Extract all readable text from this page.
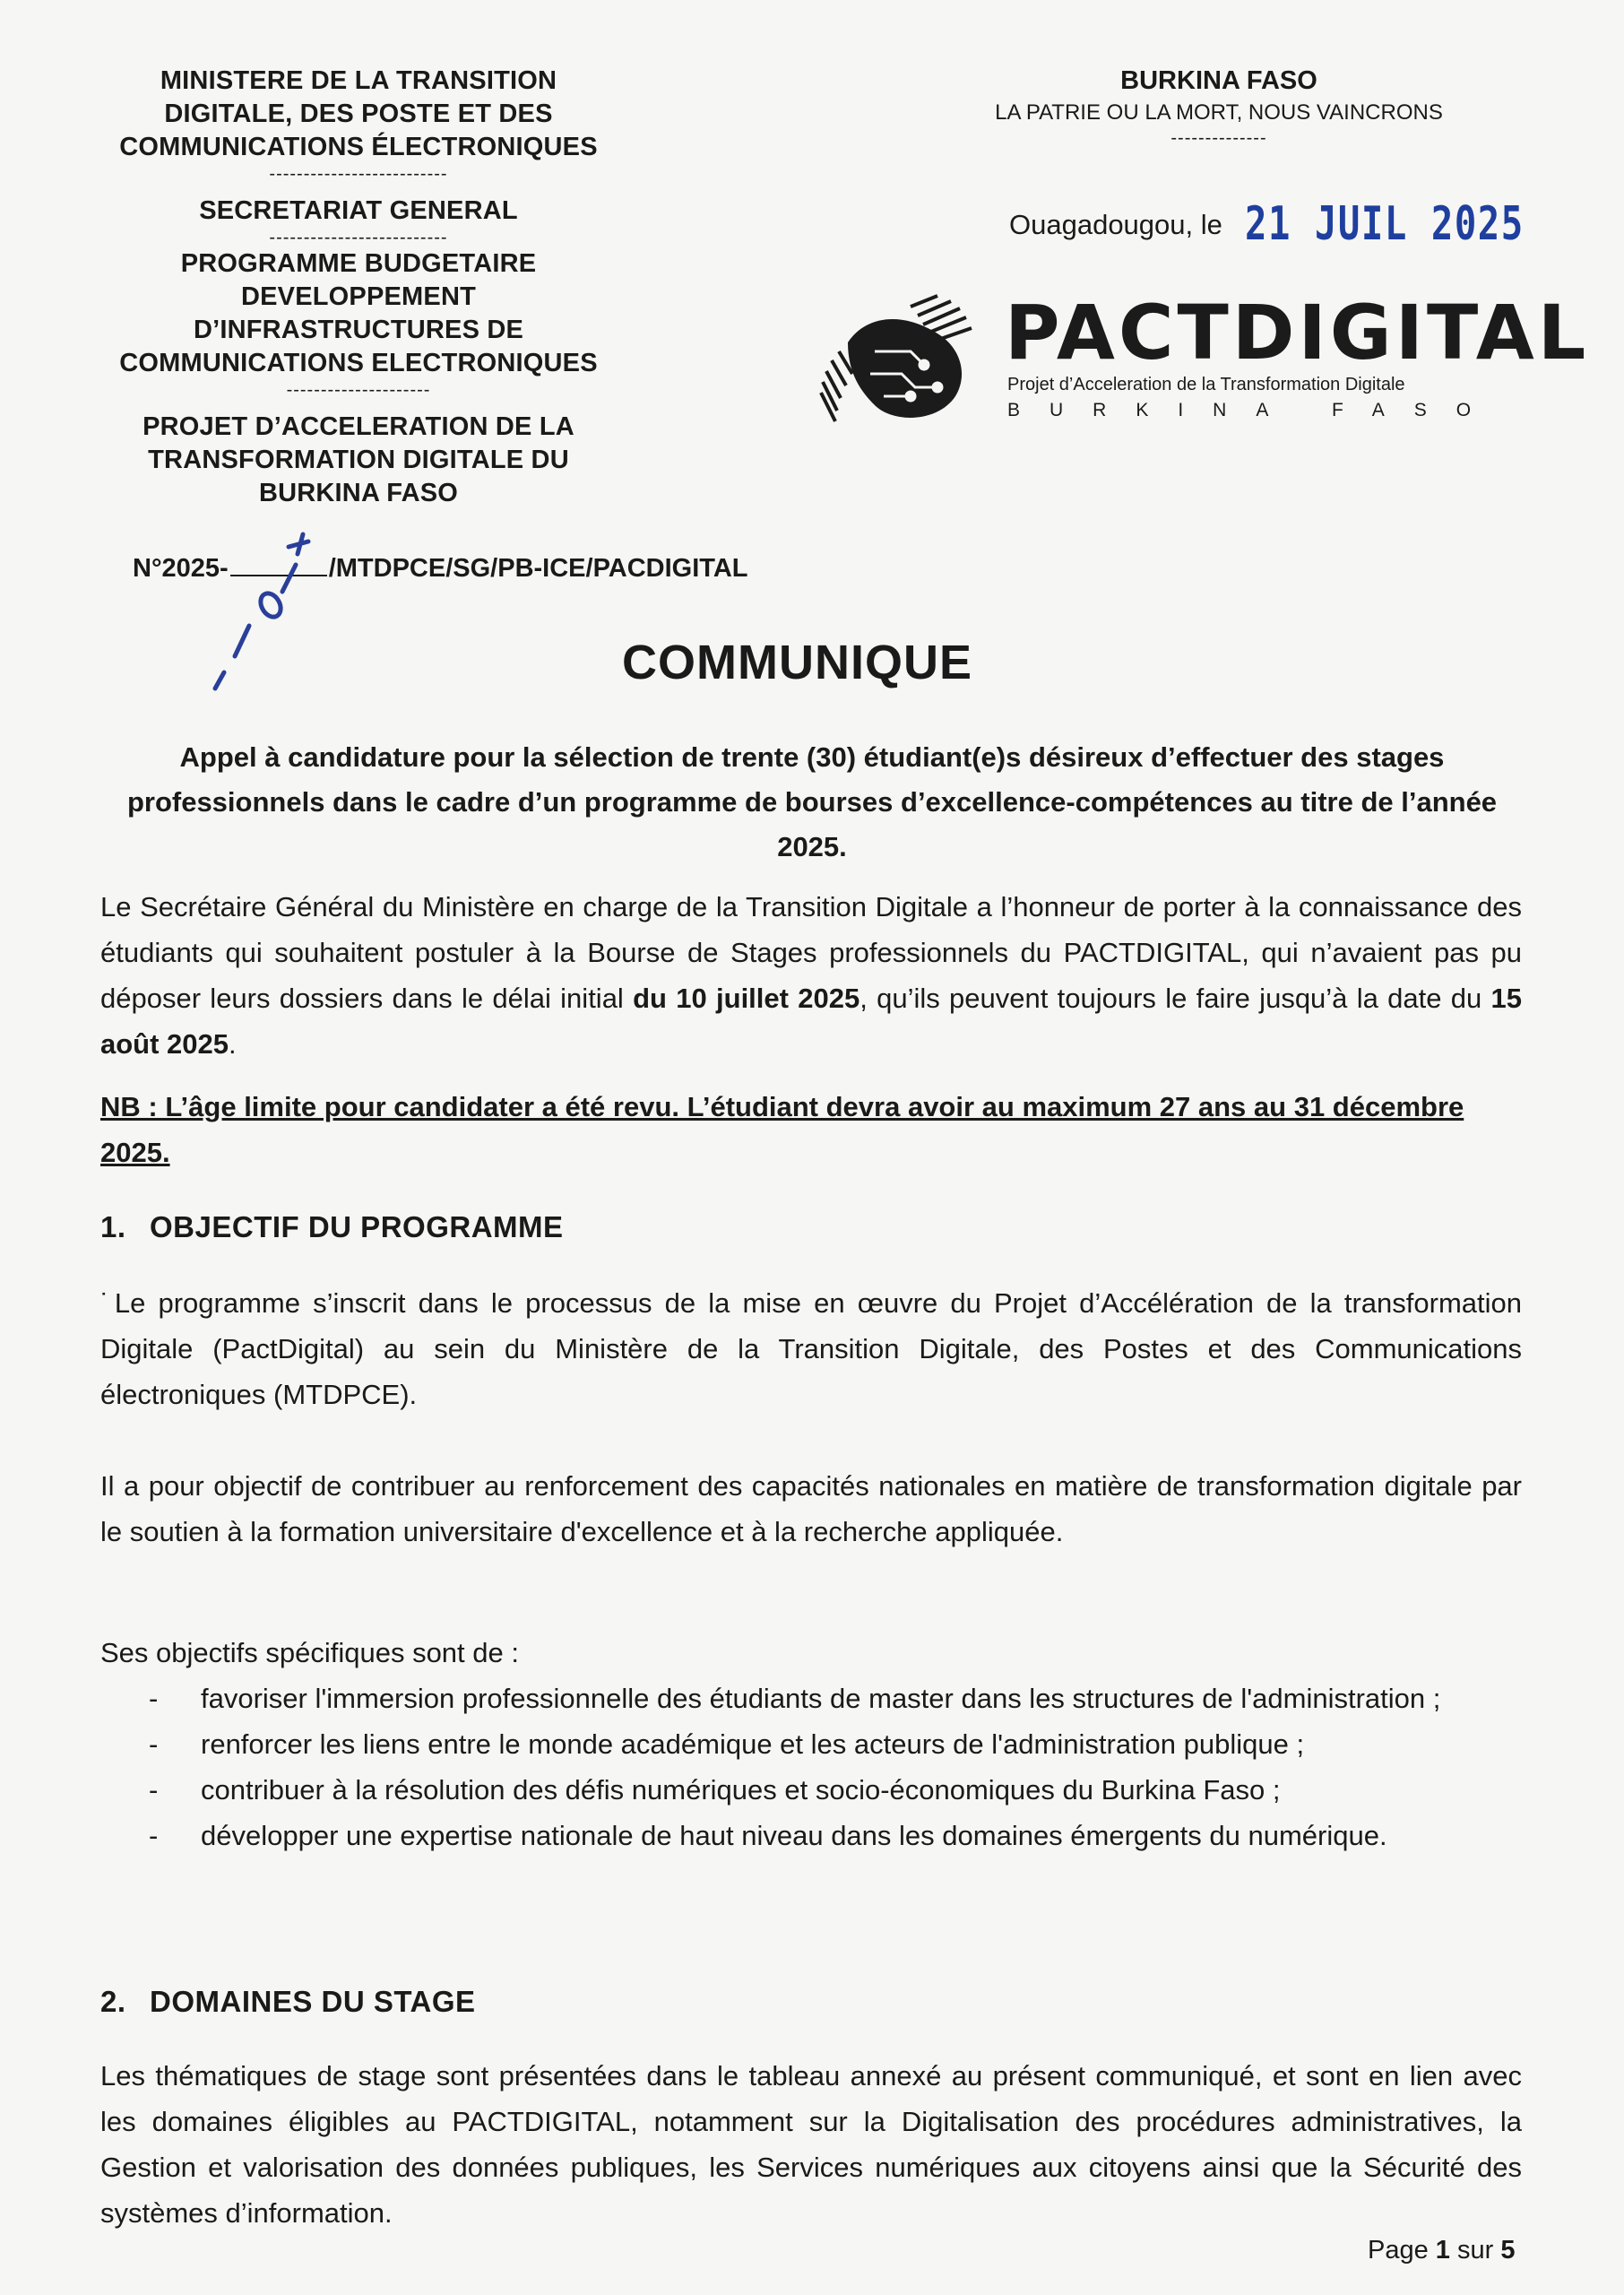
MINISTERE DE LA TRANSITION DIGITALE, DES POSTE ET DES COMMUNICATIONS ÉLECTRONIQUES
--------------------------
SECRETARIAT GENERAL
--------------------------
PROGRAMME BUDGETAIRE DEVELOPPEMENT D’INFRASTRUCTURES DE COMMUNICATIONS ELECTRONIQUES
---------------------
PROJET D’ACCELERATION DE LA TRANSFORMATION DIGITALE DU BURKINA FASO
BURKINA FASO
LA PATRIE OU LA MORT, NOUS VAINCRONS
--------------
Ouagadougou, le 21 JUIL 2025
PACTDIGITAL
Projet d’Acceleration de la Transformation Digitale
BURKINA FASO
N°2025-	/MTDPCE/SG/PB-ICE/PACDIGITAL
COMMUNIQUE
Appel à candidature pour la sélection de trente (30) étudiant(e)s désireux d’effectuer des stages professionnels dans le cadre d’un programme de bourses d’excellence-compétences au titre de l’année 2025.
Le Secrétaire Général du Ministère en charge de la Transition Digitale a l’honneur de porter à la connaissance des étudiants qui souhaitent postuler à la Bourse de Stages professionnels du PACTDIGITAL, qui n’avaient pas pu déposer leurs dossiers dans le délai initial du 10 juillet 2025, qu’ils peuvent toujours le faire jusqu’à la date du 15 août 2025.
NB : L’âge limite pour candidater a été revu. L’étudiant devra avoir au maximum 27 ans au 31 décembre 2025.
1. OBJECTIF DU PROGRAMME
˙Le programme s’inscrit dans le processus de la mise en œuvre du Projet d’Accélération de la transformation Digitale (PactDigital) au sein du Ministère de la Transition Digitale, des Postes et des Communications électroniques (MTDPCE).
Il a pour objectif de contribuer au renforcement des capacités nationales en matière de transformation digitale par le soutien à la formation universitaire d'excellence et à la recherche appliquée.
Ses objectifs spécifiques sont de :
- favoriser l'immersion professionnelle des étudiants de master dans les structures de l'administration ;
- renforcer les liens entre le monde académique et les acteurs de l'administration publique ;
- contribuer à la résolution des défis numériques et socio-économiques du Burkina Faso ;
- développer une expertise nationale de haut niveau dans les domaines émergents du numérique.
2. DOMAINES DU STAGE
Les thématiques de stage sont présentées dans le tableau annexé au présent communiqué, et sont en lien avec les domaines éligibles au PACTDIGITAL, notamment sur la Digitalisation des procédures administratives, la Gestion et valorisation des données publiques, les Services numériques aux citoyens ainsi que la Sécurité des systèmes d’information.
Page 1 sur 5
